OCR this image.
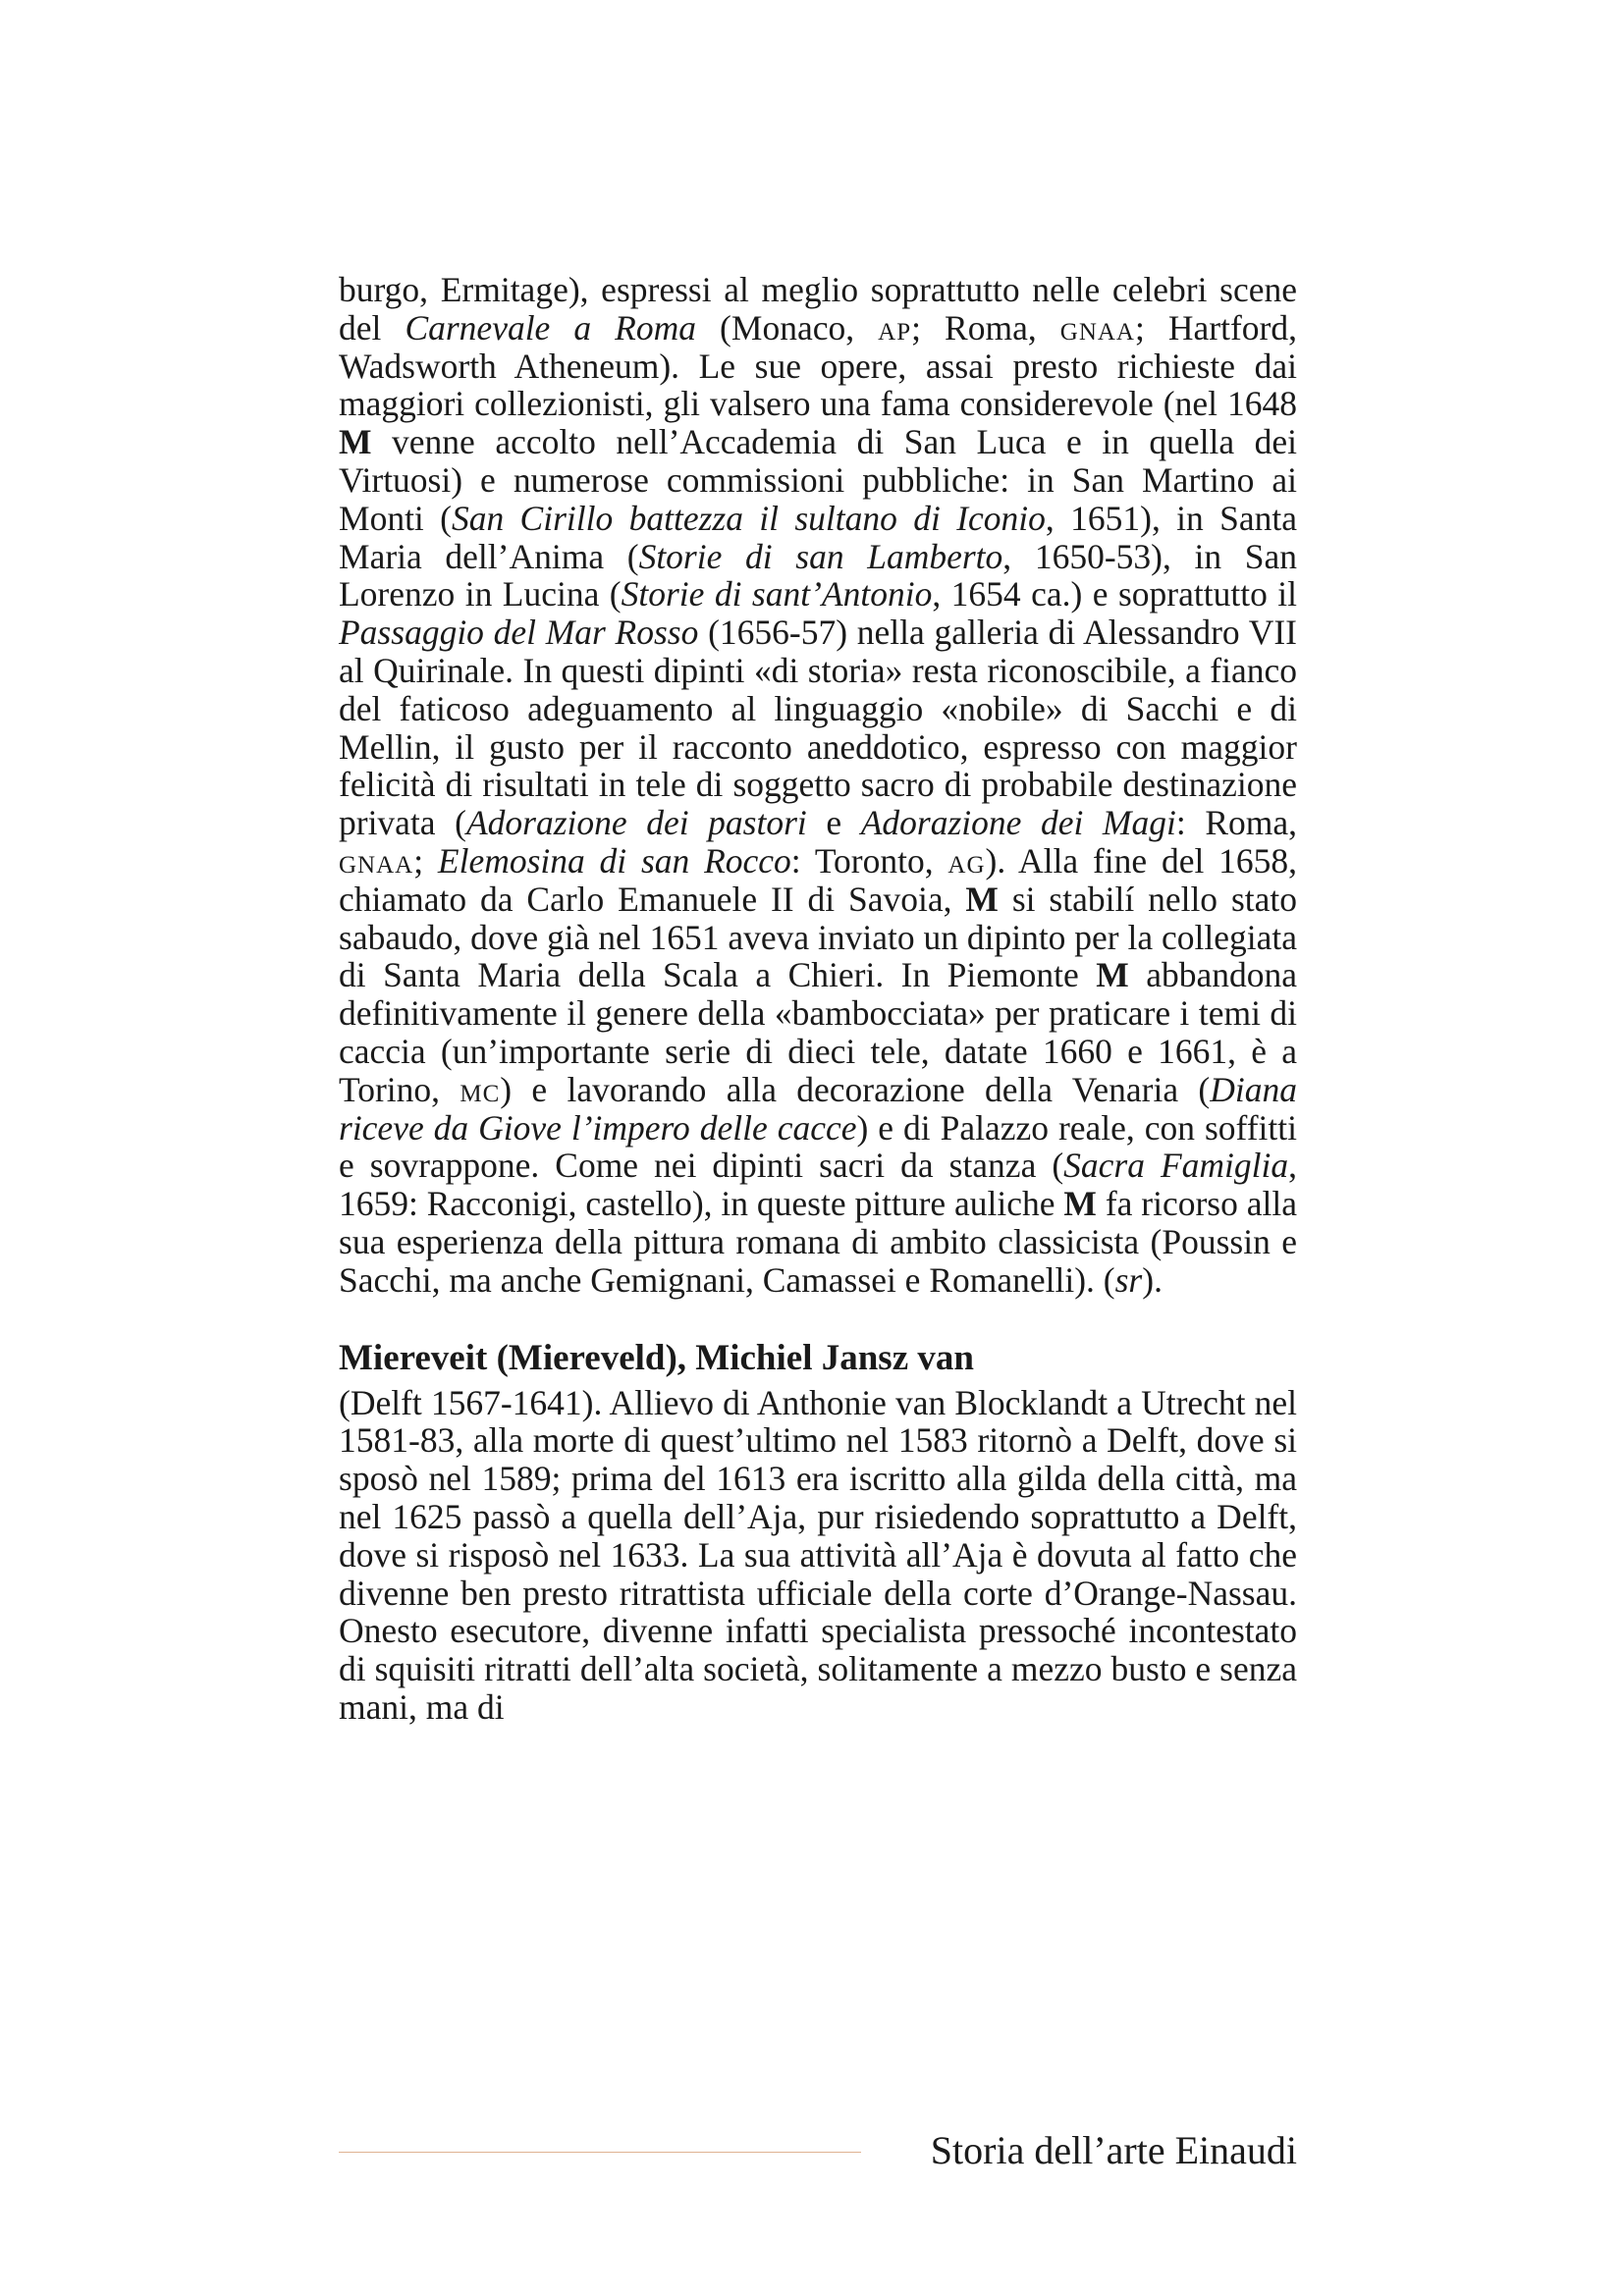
burgo, Ermitage), espressi al meglio soprattutto nelle celebri scene del Carnevale a Roma (Monaco, ap; Roma, gnaa; Hartford, Wadsworth Atheneum). Le sue opere, assai presto richieste dai maggiori collezionisti, gli valsero una fama considerevole (nel 1648 M venne accolto nell’Accademia di San Luca e in quella dei Virtuosi) e numerose commissioni pubbliche: in San Martino ai Monti (San Cirillo battezza il sultano di Iconio, 1651), in Santa Maria dell’Anima (Storie di san Lamberto, 1650-53), in San Lorenzo in Lucina (Storie di sant’Antonio, 1654 ca.) e soprattutto il Passaggio del Mar Rosso (1656-57) nella galleria di Alessandro VII al Quirinale. In questi dipinti «di storia» resta riconoscibile, a fianco del faticoso adeguamento al linguaggio «nobile» di Sacchi e di Mellin, il gusto per il racconto aneddotico, espresso con maggior felicità di risultati in tele di soggetto sacro di probabile destinazione privata (Adorazione dei pastori e Adorazione dei Magi: Roma, gnaa; Elemosina di san Rocco: Toronto, ag). Alla fine del 1658, chiamato da Carlo Emanuele II di Savoia, M si stabilí nello stato sabaudo, dove già nel 1651 aveva inviato un dipinto per la collegiata di Santa Maria della Scala a Chieri. In Piemonte M abbandona definitivamente il genere della «bambocciata» per praticare i temi di caccia (un’importante serie di dieci tele, datate 1660 e 1661, è a Torino, mc) e lavorando alla decorazione della Venaria (Diana riceve da Giove l’impero delle cacce) e di Palazzo reale, con soffitti e sovrappone. Come nei dipinti sacri da stanza (Sacra Famiglia, 1659: Racconigi, castello), in queste pitture auliche M fa ricorso alla sua esperienza della pittura romana di ambito classicista (Poussin e Sacchi, ma anche Gemignani, Camassei e Romanelli). (sr).

Miereveit (Miereveld), Michiel Jansz van

(Delft 1567-1641). Allievo di Anthonie van Blocklandt a Utrecht nel 1581-83, alla morte di quest’ultimo nel 1583 ritornò a Delft, dove si sposò nel 1589; prima del 1613 era iscritto alla gilda della città, ma nel 1625 passò a quella dell’Aja, pur risiedendo soprattutto a Delft, dove si risposò nel 1633. La sua attività all’Aja è dovuta al fatto che divenne ben presto ritrattista ufficiale della corte d’Orange-Nassau. Onesto esecutore, divenne infatti specialista pressoché incontestato di squisiti ritratti dell’alta società, solitamente a mezzo busto e senza mani, ma di

Storia dell’arte Einaudi
